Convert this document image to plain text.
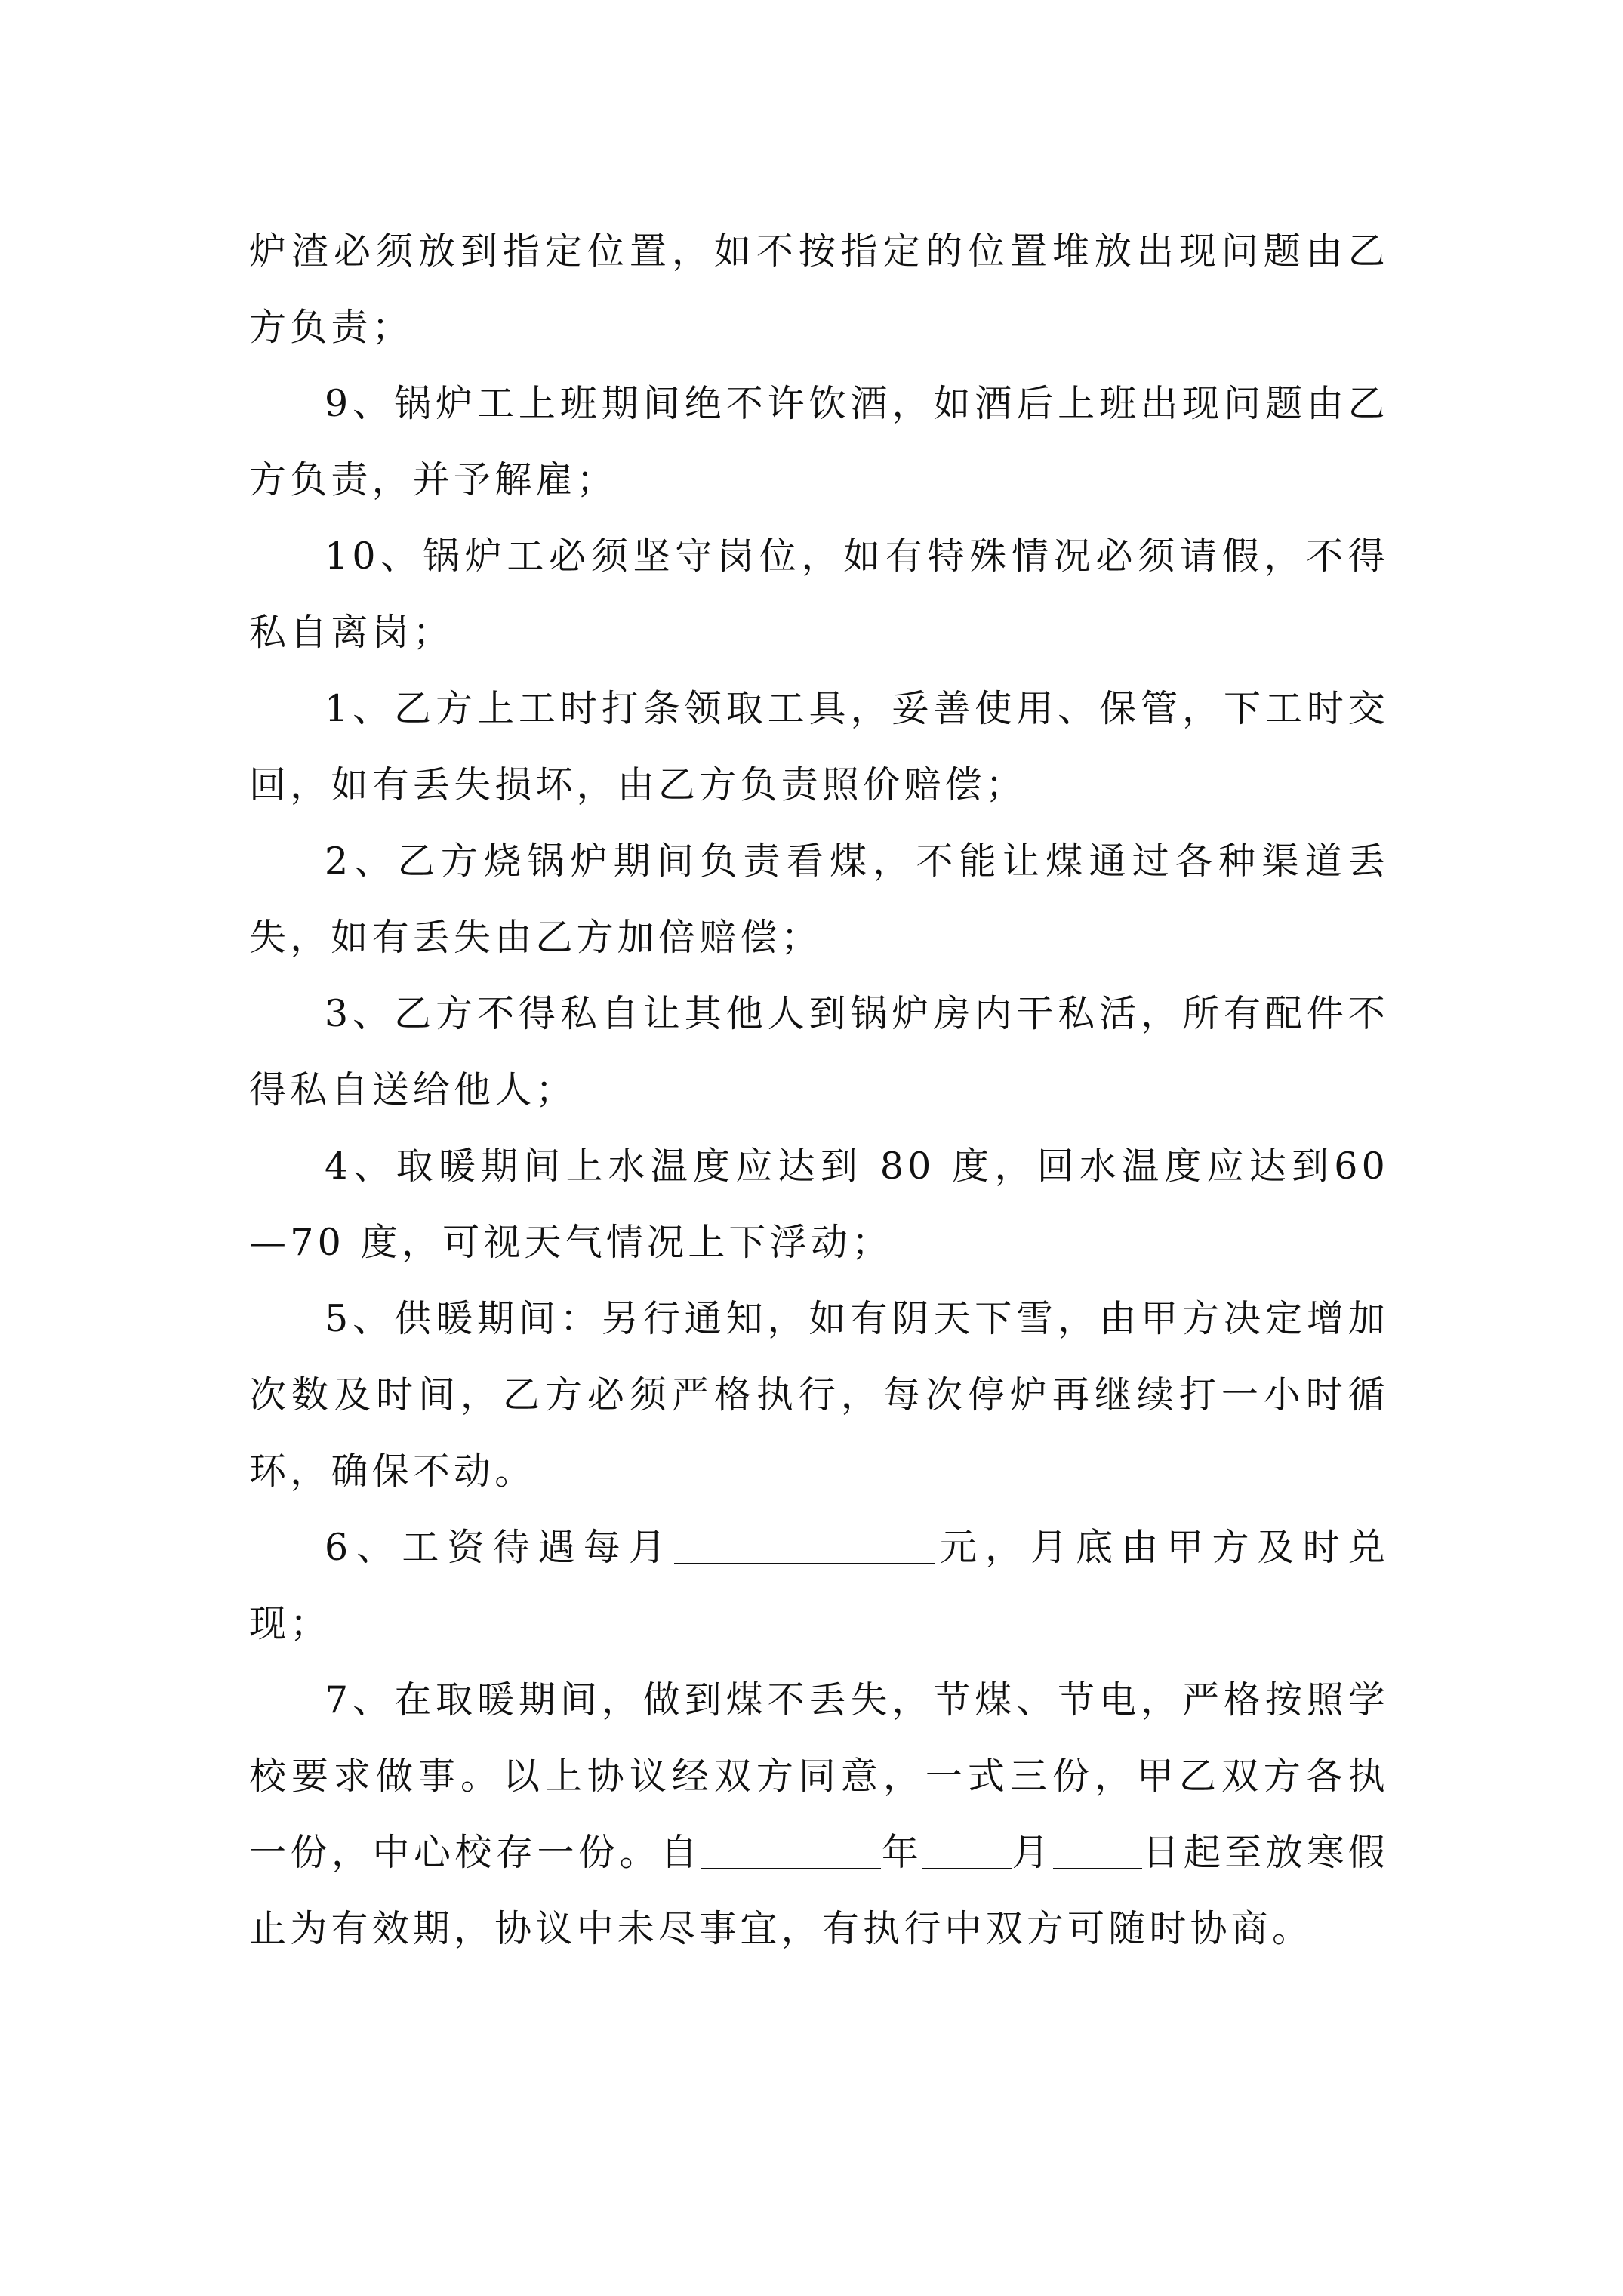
炉渣必须放到指定位置，如不按指定的位置堆放出现问题由乙方负责；

9、锅炉工上班期间绝不许饮酒，如酒后上班出现问题由乙方负责，并予解雇；

10、锅炉工必须坚守岗位，如有特殊情况必须请假，不得私自离岗；

1、乙方上工时打条领取工具，妥善使用、保管，下工时交回，如有丢失损坏，由乙方负责照价赔偿；

2、乙方烧锅炉期间负责看煤，不能让煤通过各种渠道丢失，如有丢失由乙方加倍赔偿；

3、乙方不得私自让其他人到锅炉房内干私活，所有配件不得私自送给他人；

4、取暖期间上水温度应达到 80 度，回水温度应达到60—70 度，可视天气情况上下浮动；

5、供暖期间：另行通知，如有阴天下雪，由甲方决定增加次数及时间，乙方必须严格执行，每次停炉再继续打一小时循环，确保不动。

6、工资待遇每月	元，月底由甲方及时兑现；

7、在取暖期间，做到煤不丢失，节煤、节电，严格按照学校要求做事。以上协议经双方同意，一式三份，甲乙双方各执一份，中心校存一份。自	年 月 日起至放寒假止为有效期，协议中未尽事宜，有执行中双方可随时协商。
